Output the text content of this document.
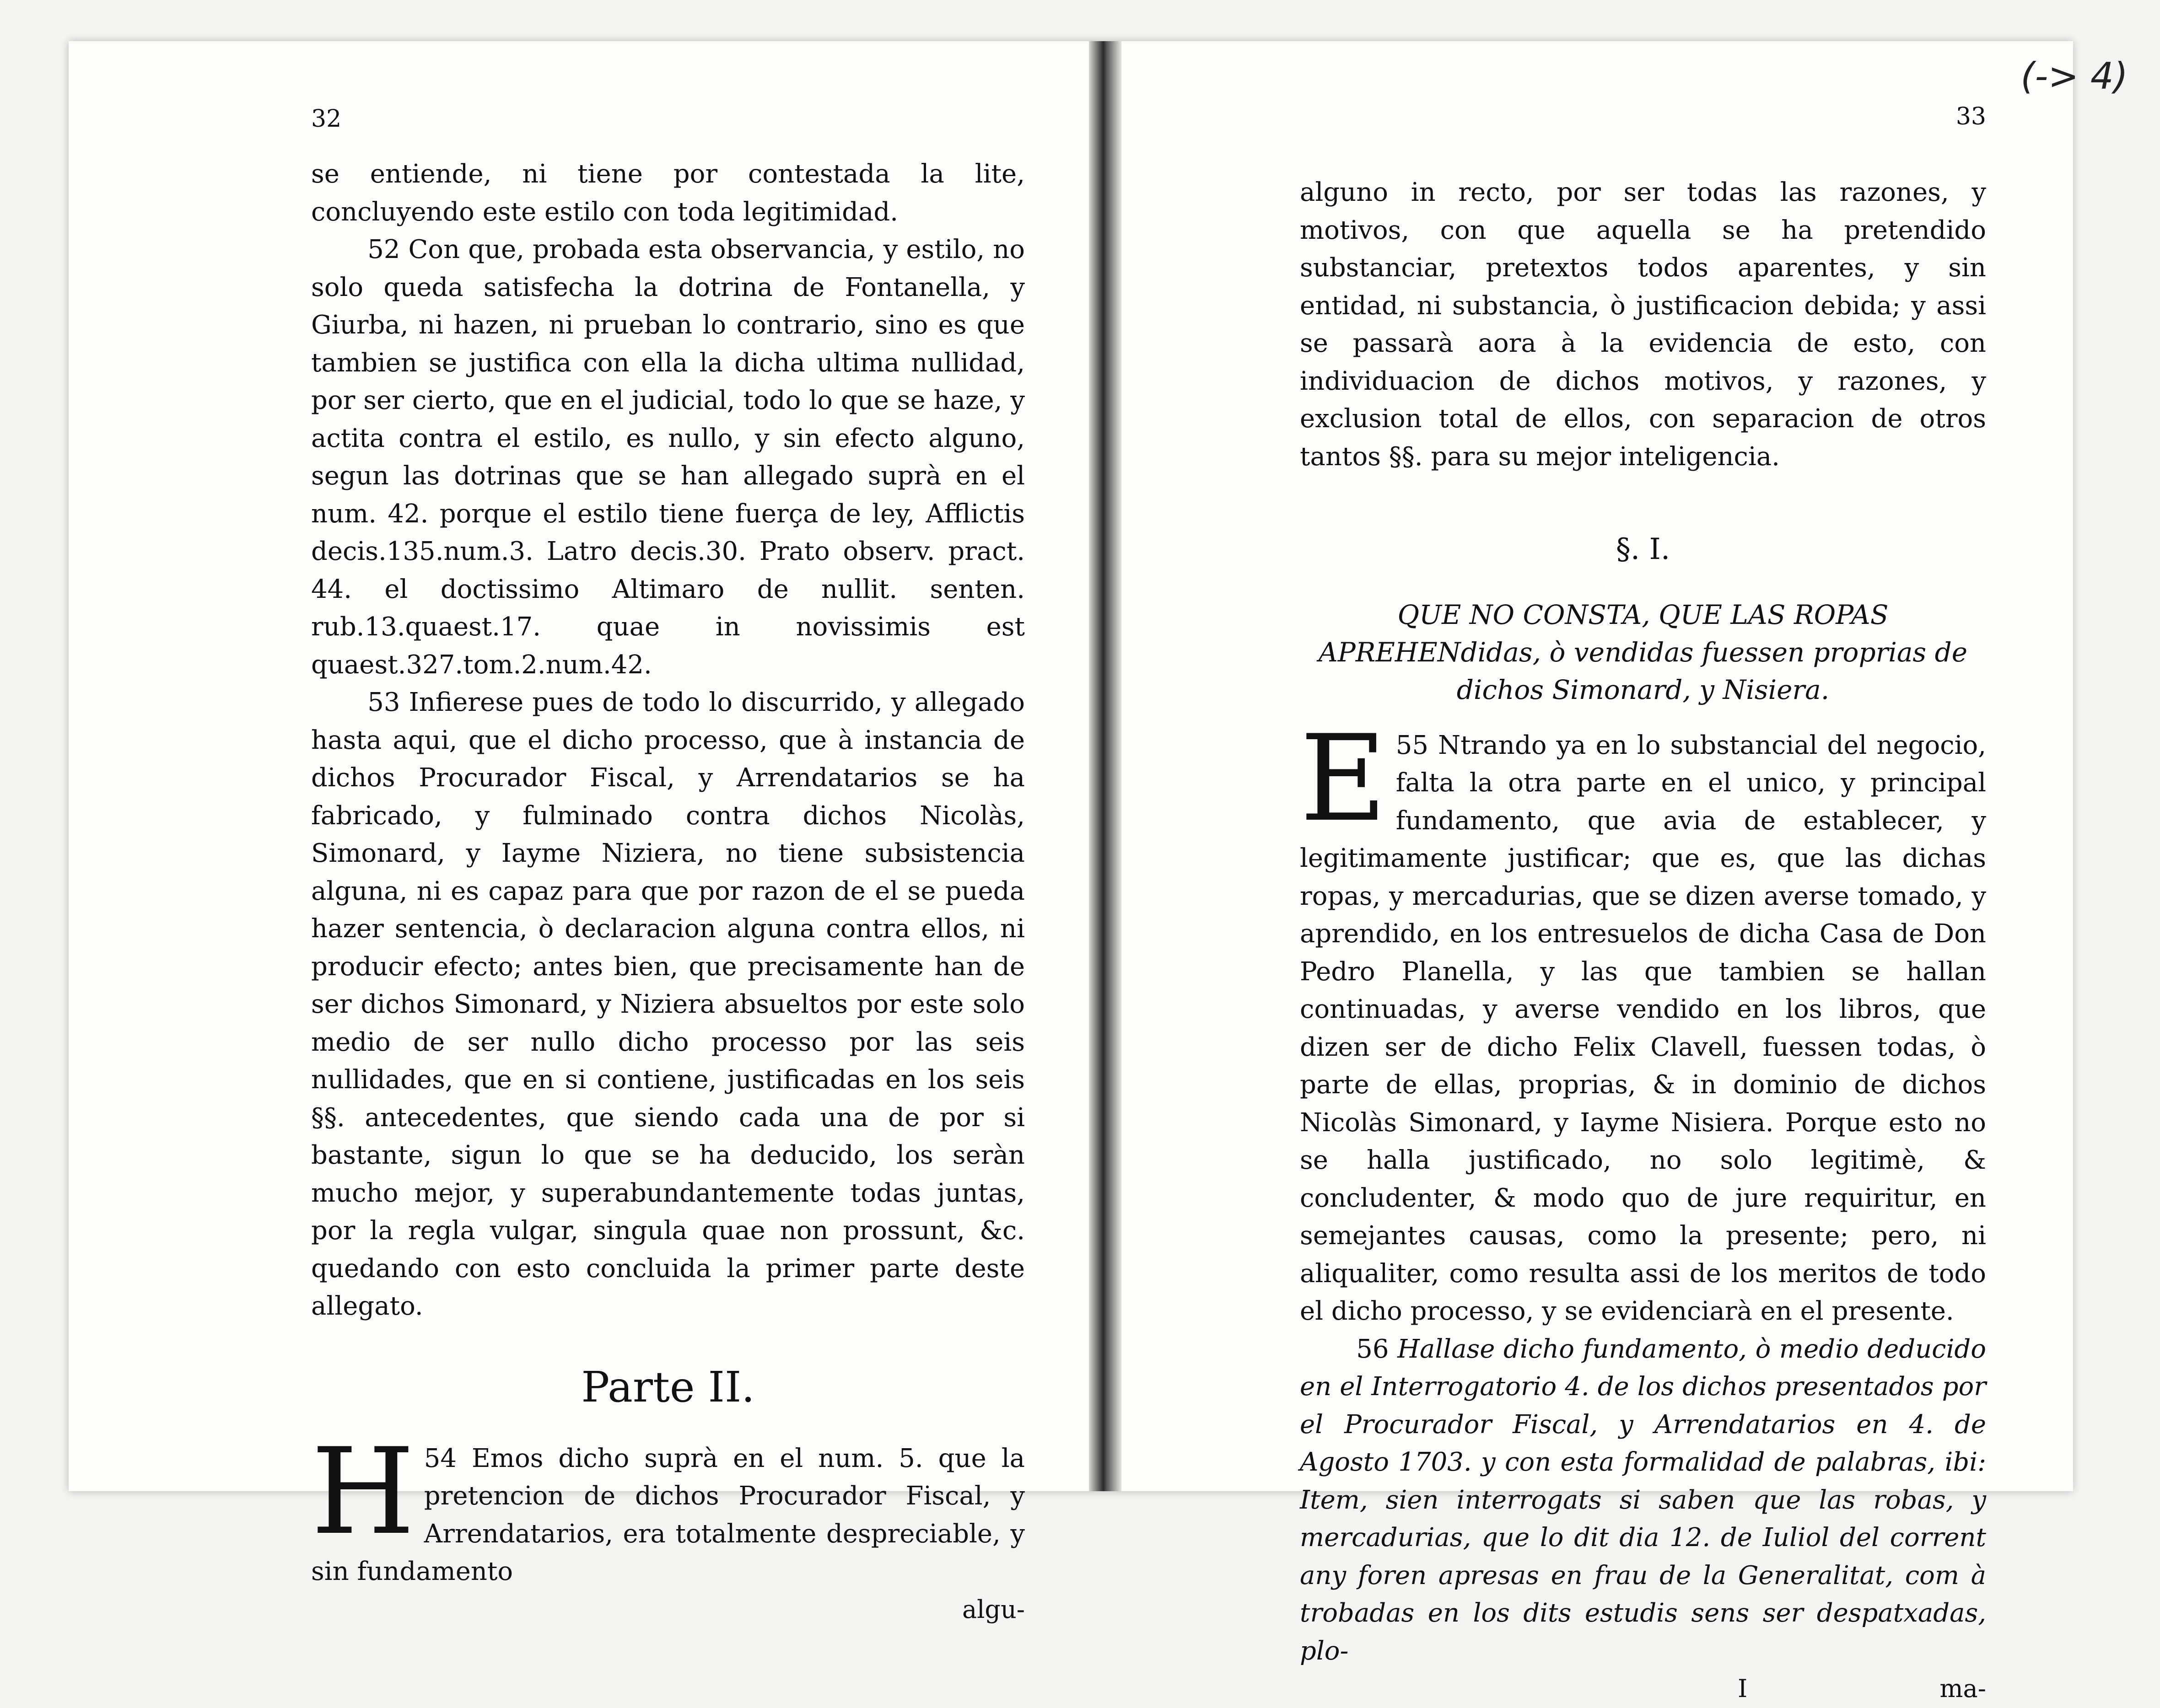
32

se entiende, ni tiene por contestada la lite, concluyendo este estilo con toda legitimidad.

52 Con que, probada esta observancia, y estilo, no solo queda satisfecha la dotrina de Fontanella, y Giurba, ni hazen, ni prueban lo contrario, sino es que tambien se justifica con ella la dicha ultima nullidad, por ser cierto, que en el judicial, todo lo que se haze, y actita contra el estilo, es nullo, y sin efecto alguno, segun las dotrinas que se han allegado suprà en el num. 42. porque el estilo tiene fuerça de ley, Afflictis decis.135.num.3. Latro decis.30. Prato observ. pract. 44. el doctissimo Altimaro de nullit. senten. rub.13.quaest.17. quae in novissimis est quaest.327.tom.2.num.42.

53 Infierese pues de todo lo discurrido, y allegado hasta aqui, que el dicho processo, que à instancia de dichos Procurador Fiscal, y Arrendatarios se ha fabricado, y fulminado contra dichos Nicolàs, Simonard, y Iayme Niziera, no tiene subsistencia alguna, ni es capaz para que por razon de el se pueda hazer sentencia, ò declaracion alguna contra ellos, ni producir efecto; antes bien, que precisamente han de ser dichos Simonard, y Niziera absueltos por este solo medio de ser nullo dicho processo por las seis nullidades, que en si contiene, justificadas en los seis §§. antecedentes, que siendo cada una de por si bastante, sigun lo que se ha deducido, los seràn mucho mejor, y superabundantemente todas juntas, por la regla vulgar, singula quae non prossunt, &c. quedando con esto concluida la primer parte deste allegato.

Parte II.

54
H Emos dicho suprà en el num. 5. que la pretencion de dichos Procurador Fiscal, y Arrendatarios, era totalmente despreciable, y sin fundamento

algu-
33

alguno in recto, por ser todas las razones, y motivos, con que aquella se ha pretendido substanciar, pretextos todos aparentes, y sin entidad, ni substancia, ò justificacion debida; y assi se passarà aora à la evidencia de esto, con individuacion de dichos motivos, y razones, y exclusion total de ellos, con separacion de otros tantos §§. para su mejor inteligencia.

§. I.
QUE NO CONSTA, QUE LAS ROPAS APREHENdidas, ò vendidas fuessen proprias de dichos Simonard, y Nisiera.

55
E Ntrando ya en lo substancial del negocio, falta la otra parte en el unico, y principal fundamento, que avia de establecer, y legitimamente justificar; que es, que las dichas ropas, y mercadurias, que se dizen averse tomado, y aprendido, en los entresuelos de dicha Casa de Don Pedro Planella, y las que tambien se hallan continuadas, y averse vendido en los libros, que dizen ser de dicho Felix Clavell, fuessen todas, ò parte de ellas, proprias, & in dominio de dichos Nicolàs Simonard, y Iayme Nisiera. Porque esto no se halla justificado, no solo legitimè, & concludenter, & modo quo de jure requiritur, en semejantes causas, como la presente; pero, ni aliqualiter, como resulta assi de los meritos de todo el dicho processo, y se evidenciarà en el presente.

56 Hallase dicho fundamento, ò medio deducido en el Interrogatorio 4. de los dichos presentados por el Procurador Fiscal, y Arrendatarios en 4. de Agosto 1703. y con esta formalidad de palabras, ibi: Item, sien interrogats si saben que las robas, y mercadurias, que lo dit dia 12. de Iuliol del corrent any foren apresas en frau de la Generalitat, com à trobadas en los dits estudis sens ser despatxadas, plo-

I	ma-
(-> 4)
